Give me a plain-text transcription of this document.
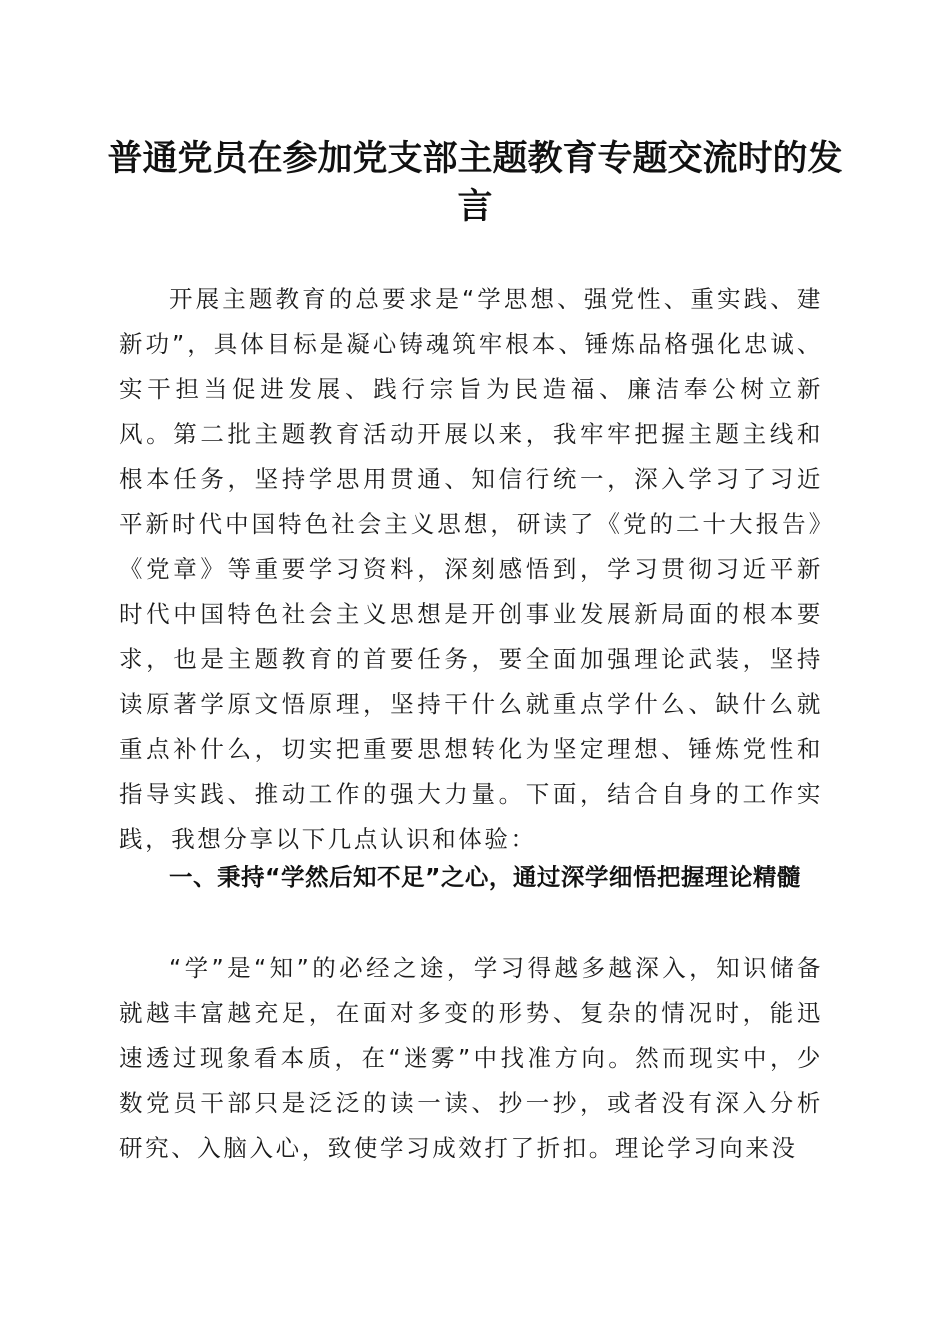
普通党员在参加党支部主题教育专题交流时的发言

开展主题教育的总要求是“学思想、强党性、重实践、建新功”，具体目标是凝心铸魂筑牢根本、锤炼品格强化忠诚、实干担当促进发展、践行宗旨为民造福、廉洁奉公树立新风。第二批主题教育活动开展以来，我牢牢把握主题主线和根本任务，坚持学思用贯通、知信行统一，深入学习了习近平新时代中国特色社会主义思想，研读了《党的二十大报告》《党章》等重要学习资料，深刻感悟到，学习贯彻习近平新时代中国特色社会主义思想是开创事业发展新局面的根本要求，也是主题教育的首要任务，要全面加强理论武装，坚持读原著学原文悟原理，坚持干什么就重点学什么、缺什么就重点补什么，切实把重要思想转化为坚定理想、锤炼党性和指导实践、推动工作的强大力量。下面，结合自身的工作实践，我想分享以下几点认识和体验：

一、秉持“学然后知不足”之心，通过深学细悟把握理论精髓

“学”是“知”的必经之途，学习得越多越深入，知识储备就越丰富越充足，在面对多变的形势、复杂的情况时，能迅速透过现象看本质，在“迷雾”中找准方向。然而现实中，少数党员干部只是泛泛的读一读、抄一抄，或者没有深入分析研究、入脑入心，致使学习成效打了折扣。理论学习向来没
